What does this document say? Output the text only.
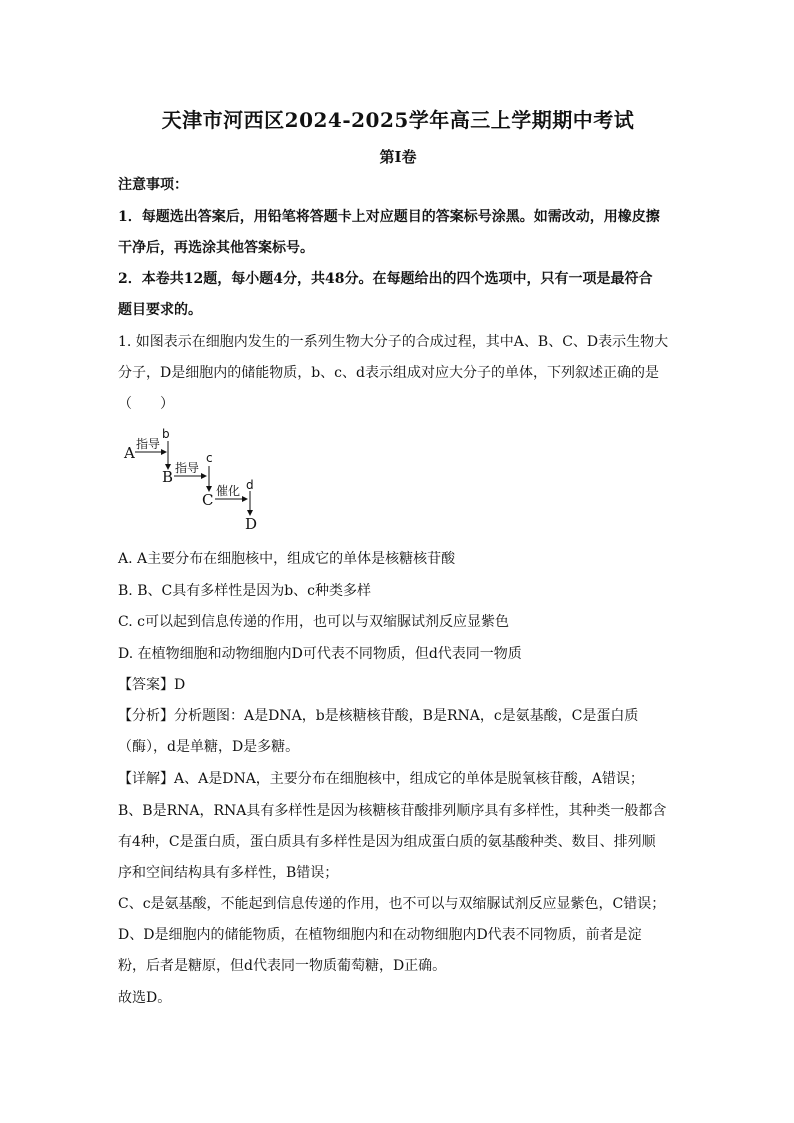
天津市河西区2024-2025学年高三上学期期中考试
第I卷
注意事项：
1．每题选出答案后，用铅笔将答题卡上对应题目的答案标号涂黑。如需改动，用橡皮擦
干净后，再选涂其他答案标号。
2．本卷共12题，每小题4分，共48分。在每题给出的四个选项中，只有一项是最符合
题目要求的。
1. 如图表示在细胞内发生的一系列生物大分子的合成过程，其中A、B、C、D表示生物大
分子，D是细胞内的储能物质，b、c、d表示组成对应大分子的单体，下列叙述正确的是
（　　）
A 指导
b
B 指导
c
C 催化 d
D
A. A主要分布在细胞核中，组成它的单体是核糖核苷酸
B. B、C具有多样性是因为b、c种类多样
C. c可以起到信息传递的作用，也可以与双缩脲试剂反应显紫色
D. 在植物细胞和动物细胞内D可代表不同物质，但d代表同一物质
【答案】D
【分析】分析题图：A是DNA，b是核糖核苷酸，B是RNA，c是氨基酸，C是蛋白质
（酶），d是单糖，D是多糖。
【详解】A、A是DNA，主要分布在细胞核中，组成它的单体是脱氧核苷酸，A错误；
B、B是RNA，RNA具有多样性是因为核糖核苷酸排列顺序具有多样性，其种类一般都含
有4种，C是蛋白质，蛋白质具有多样性是因为组成蛋白质的氨基酸种类、数目、排列顺
序和空间结构具有多样性，B错误；
C、c是氨基酸，不能起到信息传递的作用，也不可以与双缩脲试剂反应显紫色，C错误；
D、D是细胞内的储能物质，在植物细胞内和在动物细胞内D代表不同物质，前者是淀
粉，后者是糖原，但d代表同一物质葡萄糖，D正确。
故选D。
